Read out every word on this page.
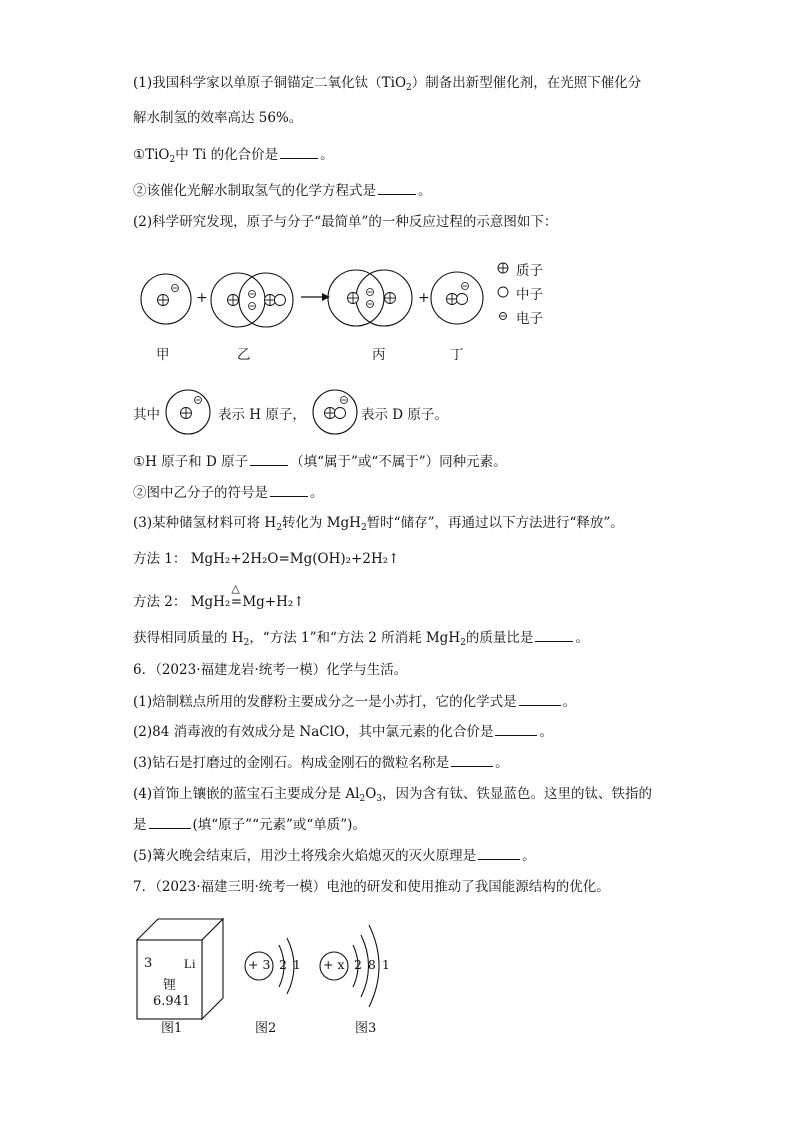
(1)我国科学家以单原子铜锚定二氧化钛（TiO$_2$）制备出新型催化剂，在光照下催化分
解水制氢的效率高达 56%。
①TiO$_2$中 Ti 的化合价是	。
②该催化光解水制取氢气的化学方程式是	。
(2)科学研究发现，原子与分子“最简单”的一种反应过程的示意图如下：
+	+
质子
中子
电子
甲	乙	丙	丁
其中	表示 H 原子，	表示 D 原子。
①H 原子和 D 原子	（填“属于”或“不属于”）同种元素。
②图中乙分子的符号是	。
(3)某种储氢材料可将 $H_2$转化为 MgH$_2$暂时“储存”，再通过以下方法进行“释放”。
方法 1： MgH₂+2H₂O=Mg(OH)₂+2H₂↑
方法 2： MgH₂
△
=Mg+H₂↑
获得相同质量的 $H_2$，“方法 1”和“方法 2 所消耗 MgH$_2$的质量比是	。
6．（2023·福建龙岩·统考一模）化学与生活。
(1)焙制糕点所用的发酵粉主要成分之一是小苏打，它的化学式是	。
(2)84 消毒液的有效成分是 NaClO，其中氯元素的化合价是	。
(3)钻石是打磨过的金刚石。构成金刚石的微粒名称是	。
(4)首饰上镶嵌的蓝宝石主要成分是 $Al_2O_3$，因为含有钛、铁显蓝色。这里的钛、铁指的
是	(填“原子”“元素”或“单质”)。
(5)篝火晚会结束后，用沙土将残余火焰熄灭的灭火原理是	。
7．（2023·福建三明·统考一模）电池的研发和使用推动了我国能源结构的优化。
3 Li
锂
6.941
+ 3 2 1 + x 2 8 1
图1	图2	图3
